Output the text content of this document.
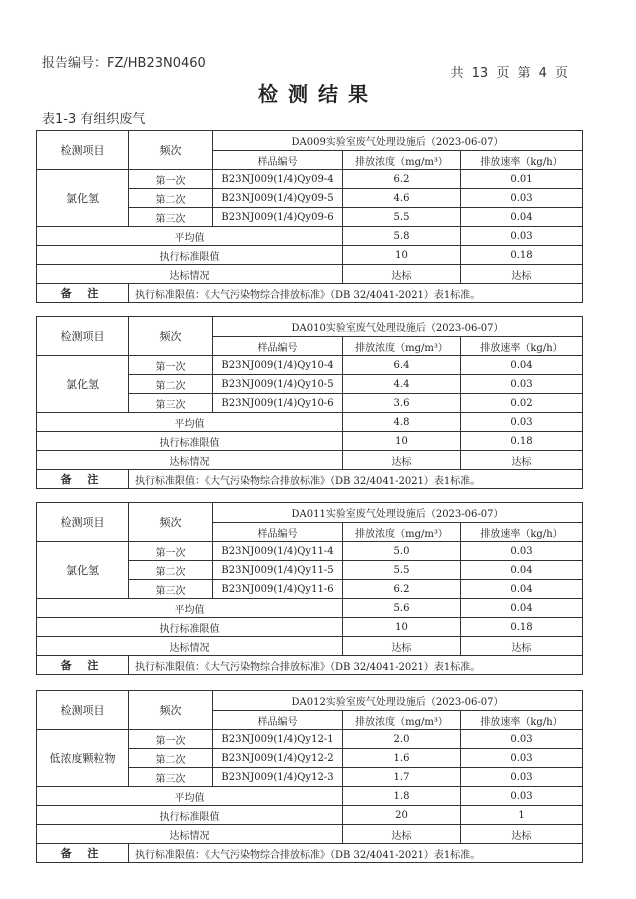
报告编号：FZ/HB23N0460
共 13 页 第 4 页
检测结果
表1-3 有组织废气
检测项目	频次	DA009实验室废气处理设施后（2023-06-07）		
		样品编号	排放浓度（mg/m³）	排放速率（kg/h）
氯化氢	第一次	B23NJ009(1/4)Qy09-4	6.2	0.01
	第二次	B23NJ009(1/4)Qy09-5	4.6	0.03
	第三次	B23NJ009(1/4)Qy09-6	5.5	0.04
平均值			5.8	0.03
执行标准限值			10	0.18
达标情况			达标	达标
备 注	执行标准限值：《大气污染物综合排放标准》（DB 32/4041-2021）表1标准。			
检测项目	频次	DA010实验室废气处理设施后（2023-06-07）		
		样品编号	排放浓度（mg/m³）	排放速率（kg/h）
氯化氢	第一次	B23NJ009(1/4)Qy10-4	6.4	0.04
	第二次	B23NJ009(1/4)Qy10-5	4.4	0.03
	第三次	B23NJ009(1/4)Qy10-6	3.6	0.02
平均值			4.8	0.03
执行标准限值			10	0.18
达标情况			达标	达标
备 注	执行标准限值：《大气污染物综合排放标准》（DB 32/4041-2021）表1标准。			
检测项目	频次	DA011实验室废气处理设施后（2023-06-07）		
		样品编号	排放浓度（mg/m³）	排放速率（kg/h）
氯化氢	第一次	B23NJ009(1/4)Qy11-4	5.0	0.03
	第二次	B23NJ009(1/4)Qy11-5	5.5	0.04
	第三次	B23NJ009(1/4)Qy11-6	6.2	0.04
平均值			5.6	0.04
执行标准限值			10	0.18
达标情况			达标	达标
备 注	执行标准限值：《大气污染物综合排放标准》（DB 32/4041-2021）表1标准。			
检测项目	频次	DA012实验室废气处理设施后（2023-06-07）		
		样品编号	排放浓度（mg/m³）	排放速率（kg/h）
低浓度颗粒物	第一次	B23NJ009(1/4)Qy12-1	2.0	0.03
	第二次	B23NJ009(1/4)Qy12-2	1.6	0.03
	第三次	B23NJ009(1/4)Qy12-3	1.7	0.03
平均值			1.8	0.03
执行标准限值			20	1
达标情况			达标	达标
备 注	执行标准限值：《大气污染物综合排放标准》（DB 32/4041-2021）表1标准。			
